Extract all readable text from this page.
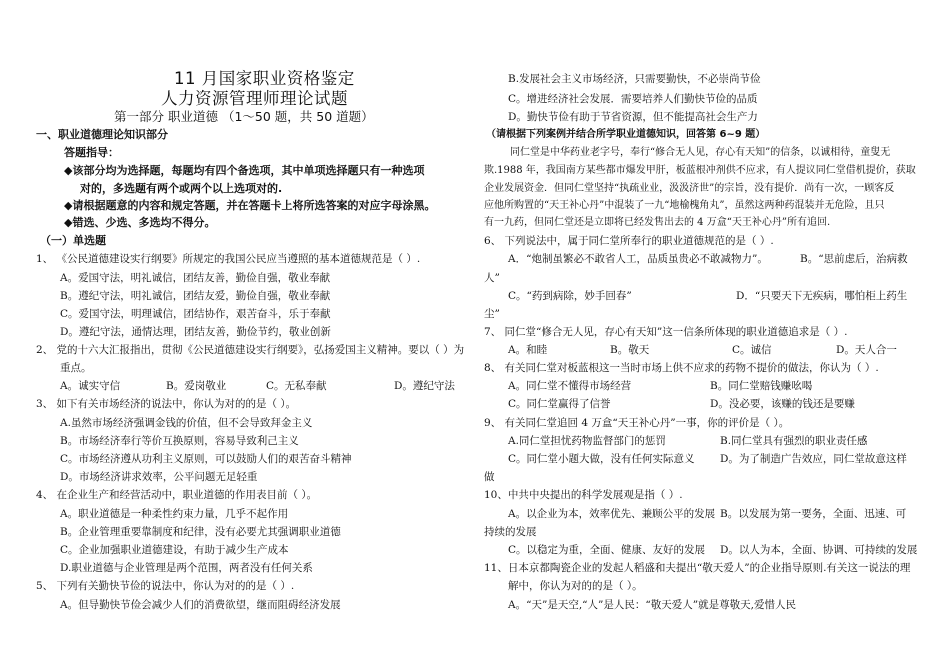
11 月国家职业资格鉴定
人力资源管理师理论试题
第一部分 职业道德 （1～50 题，共 50 道题）
一、职业道德理论知识部分
答题指导：
◆该部分均为选择题，每题均有四个备选项，其中单项选择题只有一种选项
对的，多选题有两个或两个以上选项对的.
◆请根据题意的内容和规定答题，并在答题卡上将所选答案的对应字母涂黑。
◆错选、少选、多选均不得分。
（一）单选题
1、 《公民道德建设实行纲要》所规定的我国公民应当遵照的基本道德规范是（ ）.
A。爱国守法，明礼诚信，团结友善，勤俭自强，敬业奉献
B。遵纪守法，明礼诚信，团结友爱，勤俭自强，敬业奉献
C。爱国守法，明理诚信，团结协作，艰苦奋斗，乐于奉献
D。遵纪守法，通情达理，团结友善，勤俭节约，敬业创新
2、 党的十六大汇报指出，贯彻《公民道德建设实行纲要》，弘扬爱国主义精神。要以（ ）为
重点。
A。诚实守信	B。爱岗敬业	C。无私奉献	D。遵纪守法
3、 如下有关市场经济的说法中，你认为对的的是（ ）。
A.虽然市场经济强调金钱的价值，但不会导致拜金主义
B。市场经济奉行等价互换原则，容易导致利己主义
C。市场经济遵从功利主义原则，可以鼓励人们的艰苦奋斗精神
D。市场经济讲求效率，公平问题无足轻重
4、 在企业生产和经营活动中，职业道德的作用表目前（ ）。
A。职业道德是一种柔性约束力量，几乎不起作用
B。企业管理重要靠制度和纪律，没有必要尤其强调职业道德
C。企业加强职业道德建设，有助于减少生产成本
D.职业道德与企业管理是两个范围，两者没有任何关系
5、 下列有关勤快节俭的说法中，你认为对的的是（ ）.
A。但导勤快节俭会减少人们的消费欲望，继而阻碍经济发展
B.发展社会主义市场经济，只需要勤快，不必崇尚节俭
C。增进经济社会发展．需要培养人们勤快节俭的品质
D。勤快节俭有助于节省资源，但不能提高社会生产力
（请根据下列案例并结合所学职业道德知识，回答第 6~9 题）
同仁堂是中华药业老字号，奉行“修合无人见，存心有天知”的信条，以诚相待，童叟无
欺.1988 年，我国南方某些都市爆发甲肝，板蓝根冲剂供不应求，有人提议同仁堂借机提价，获取
企业发展资金．但同仁堂坚持“执疏业业，汲汲济世”的宗旨，没有提价．尚有一次，一顾客反
应他所购置的“天王补心丹”中混装了一九“地榆槐角丸”，虽然这两种药混装并无危险，且只
有一九药，但同仁堂还是立即将已经发售出去的 4 万盒“天王补心丹”所有追回.
6、 下列说法中，属于同仁堂所奉行的职业道德规范的是（ ）.
A．“炮制虽繁必不敢省人工，品质虽贵必不敢减物力”。	B。“思前虑后，治病救
人”
C。“药到病除，妙手回春”	D．“只要天下无疾病，哪怕柜上药生
尘”
7、 同仁堂“修合无人见，存心有天知”这一信条所体现的职业道德追求是（ ）.
A。和睦	B。敬天	C。诚信	D。天人合一
8、 有关同仁堂对板蓝根这一当时市场上供不应求的药物不提价的做法，你认为（ ）.
A。同仁堂不懂得市场经营	B。同仁堂赔钱赚吆喝
C。同仁堂赢得了信誉	D。没必要，该赚的钱还是要赚
9、 有关同仁堂追回 4 万盒“天王补心丹”一事，你的评价是（ ）。
A.同仁堂担忧药物监督部门的惩罚	B.同仁堂具有强烈的职业责任感
C。同仁堂小题大做，没有任何实际意义 D。为了制造广告效应，同仁堂故意这样
做
10、中共中央提出的科学发展观是指（ ）.
A。以企业为本，效率优先、兼顾公平的发展 B。以发展为第一要务，全面、迅速、可
持续的发展
C。以稳定为重，全面、健康、友好的发展 D。以人为本，全面、协调、可持续的发展
11、日本京都陶瓷企业的发起人稻盛和夫提出“敬天爱人”的企业指导原则.有关这一说法的理
解中，你认为对的的是（ ）。
A。“天”是天空,“人”是人民：“敬天爱人”就是尊敬天,爱惜人民
